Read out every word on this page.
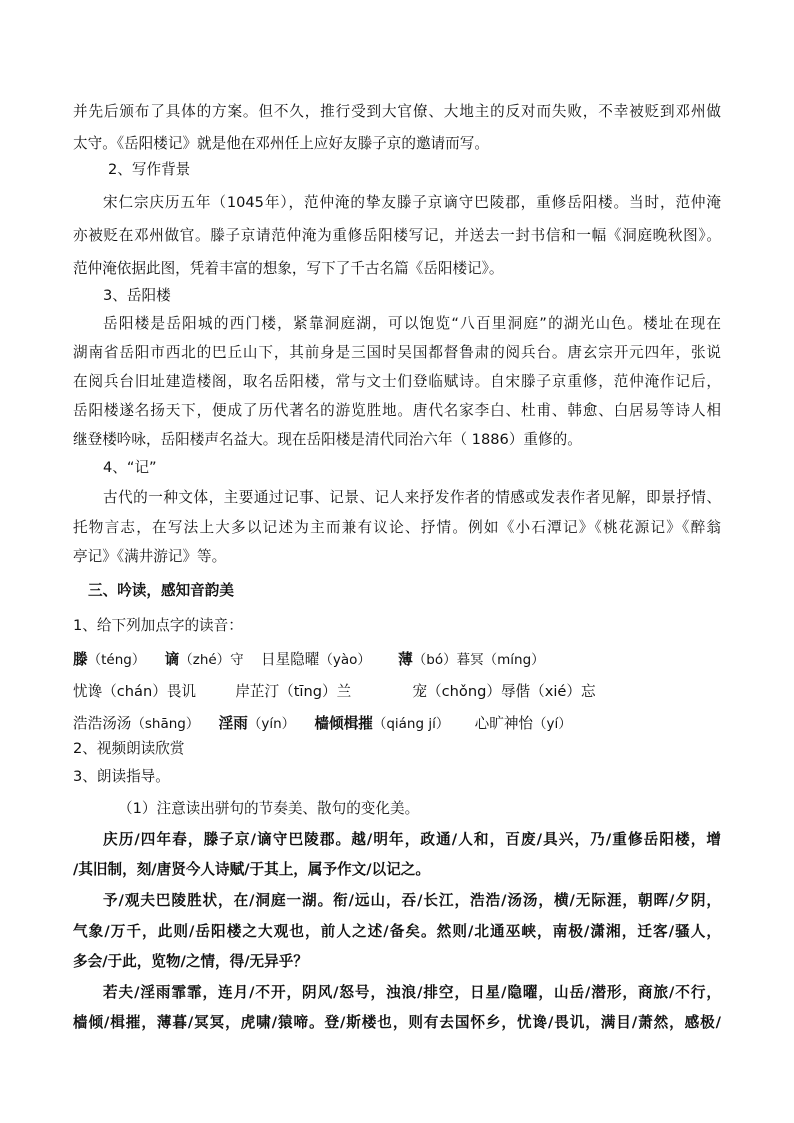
并先后颁布了具体的方案。但不久，推行受到大官僚、大地主的反对而失败，不幸被贬到邓州做
太守。《岳阳楼记》就是他在邓州任上应好友滕子京的邀请而写。
2、写作背景
宋仁宗庆历五年（1045年），范仲淹的挚友滕子京谪守巴陵郡，重修岳阳楼。当时，范仲淹
亦被贬在邓州做官。滕子京请范仲淹为重修岳阳楼写记，并送去一封书信和一幅《洞庭晚秋图》。
范仲淹依据此图，凭着丰富的想象，写下了千古名篇《岳阳楼记》。
3、岳阳楼
岳阳楼是岳阳城的西门楼，紧靠洞庭湖，可以饱览“八百里洞庭”的湖光山色。楼址在现在
湖南省岳阳市西北的巴丘山下，其前身是三国时吴国都督鲁肃的阅兵台。唐玄宗开元四年，张说
在阅兵台旧址建造楼阁，取名岳阳楼，常与文士们登临赋诗。自宋滕子京重修，范仲淹作记后，
岳阳楼遂名扬天下，便成了历代著名的游览胜地。唐代名家李白、杜甫、韩愈、白居易等诗人相
继登楼吟咏，岳阳楼声名益大。现在岳阳楼是清代同治六年（ 1886）重修的。
4、“记”
古代的一种文体，主要通过记事、记景、记人来抒发作者的情感或发表作者见解，即景抒情、
托物言志，在写法上大多以记述为主而兼有议论、抒情。例如《小石潭记》《桃花源记》《醉翁
亭记》《满井游记》等。
三、吟读，感知音韵美
1、给下列加点字的读音：
滕（téng） 谪（zhé）守 日星隐曜（yào） 薄（bó）暮冥（míng）
忧谗（chán）畏讥	岸芷汀（tīng）兰	宠（chǒng）辱偕（xié）忘
浩浩汤汤（shāng） 淫雨（yín） 樯倾楫摧（qiáng jí） 心旷神怡（yí）
2、视频朗读欣赏
3、朗读指导。
（1）注意读出骈句的节奏美、散句的变化美。
庆历/四年春，滕子京/谪守巴陵郡。越/明年，政通/人和，百废/具兴，乃/重修岳阳楼，增
/其旧制，刻/唐贤今人诗赋/于其上，属予作文/以记之。
予/观夫巴陵胜状，在/洞庭一湖。衔/远山，吞/长江，浩浩/汤汤，横/无际涯，朝晖/夕阴，
气象/万千，此则/岳阳楼之大观也，前人之述/备矣。然则/北通巫峡，南极/潇湘，迁客/骚人，
多会/于此，览物/之情，得/无异乎？
若夫/淫雨霏霏，连月/不开，阴风/怒号，浊浪/排空，日星/隐曜，山岳/潜形，商旅/不行，
樯倾/楫摧，薄暮/冥冥，虎啸/猿啼。登/斯楼也，则有去国怀乡，忧谗/畏讥，满目/萧然，感极/
